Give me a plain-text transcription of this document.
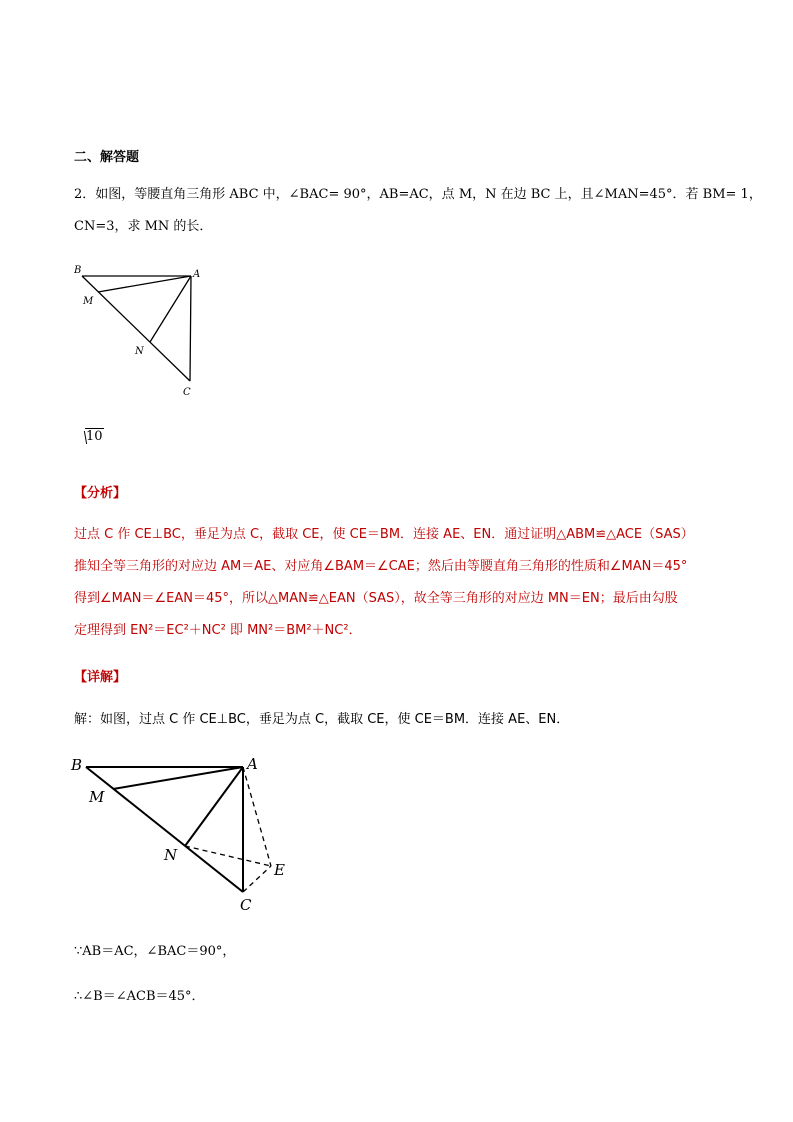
二、解答题
2．如图，等腰直角三角形 ABC 中，∠BAC= 90°，AB=AC，点 M，N 在边 BC 上，且∠MAN=45°．若 BM= 1，
CN=3，求 MN 的长．
B	A
M
N
C
10
【分析】
过点 C 作 CE⊥BC，垂足为点 C，截取 CE，使 CE＝BM．连接 AE、EN．通过证明△ABM≌△ACE（SAS）
推知全等三角形的对应边 AM＝AE、对应角∠BAM＝∠CAE；然后由等腰直角三角形的性质和∠MAN＝45°
得到∠MAN＝∠EAN＝45°，所以△MAN≌△EAN（SAS），故全等三角形的对应边 MN＝EN；最后由勾股
定理得到 EN²＝EC²＋NC² 即 MN²＝BM²＋NC²．
【详解】
解：如图，过点 C 作 CE⊥BC，垂足为点 C，截取 CE，使 CE＝BM．连接 AE、EN．
B	A
M
N
E
C
∵AB＝AC，∠BAC＝90°，
∴∠B＝∠ACB＝45°．
